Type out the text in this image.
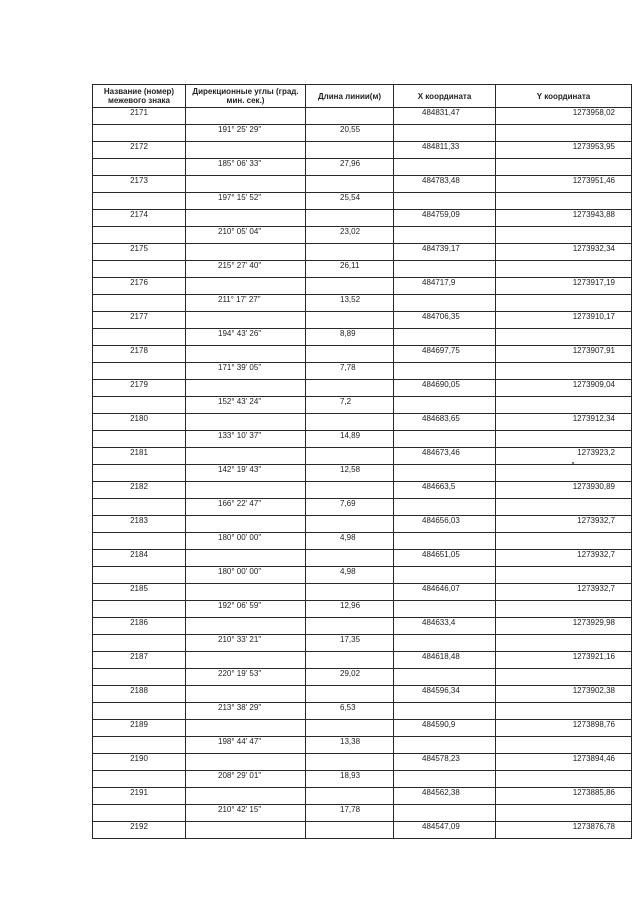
Название (номер) межевого знака	Дирекционные углы (град. мин. сек.)	Длина линии(м)	X координата	Y координата
2171			484831,47	1273958,02
	191° 25' 29"	20,55		
2172			484811,33	1273953,95
	185° 06' 33"	27,96		
2173			484783,48	1273951,46
	197° 15' 52"	25,54		
2174			484759,09	1273943,88
	210° 05' 04"	23,02		
2175			484739,17	1273932,34
	215° 27' 40"	26,11		
2176			484717,9	1273917,19
	211° 17' 27"	13,52		
2177			484706,35	1273910,17
	194° 43' 26"	8,89		
2178			484697,75	1273907,91
	171° 39' 05"	7,78		
2179			484690,05	1273909,04
	152° 43' 24"	7,2		
2180			484683,65	1273912,34
	133° 10' 37"	14,89		
2181			484673,46	1273923,2
	142° 19' 43"	12,58		
2182			484663,5	1273930,89
	166° 22' 47"	7,69		
2183			484656,03	1273932,7
	180° 00' 00"	4,98		
2184			484651,05	1273932,7
	180° 00' 00"	4,98		
2185			484646,07	1273932,7
	192° 06' 59"	12,96		
2186			484633,4	1273929,98
	210° 33' 21"	17,35		
2187			484618,48	1273921,16
	220° 19' 53"	29,02		
2188			484596,34	1273902,38
	213° 38' 29"	6,53		
2189			484590,9	1273898,76
	198° 44' 47"	13,38		
2190			484578,23	1273894,46
	208° 29' 01"	18,93		
2191			484562,38	1273885,86
	210° 42' 15"	17,78		
2192			484547,09	1273876,78
